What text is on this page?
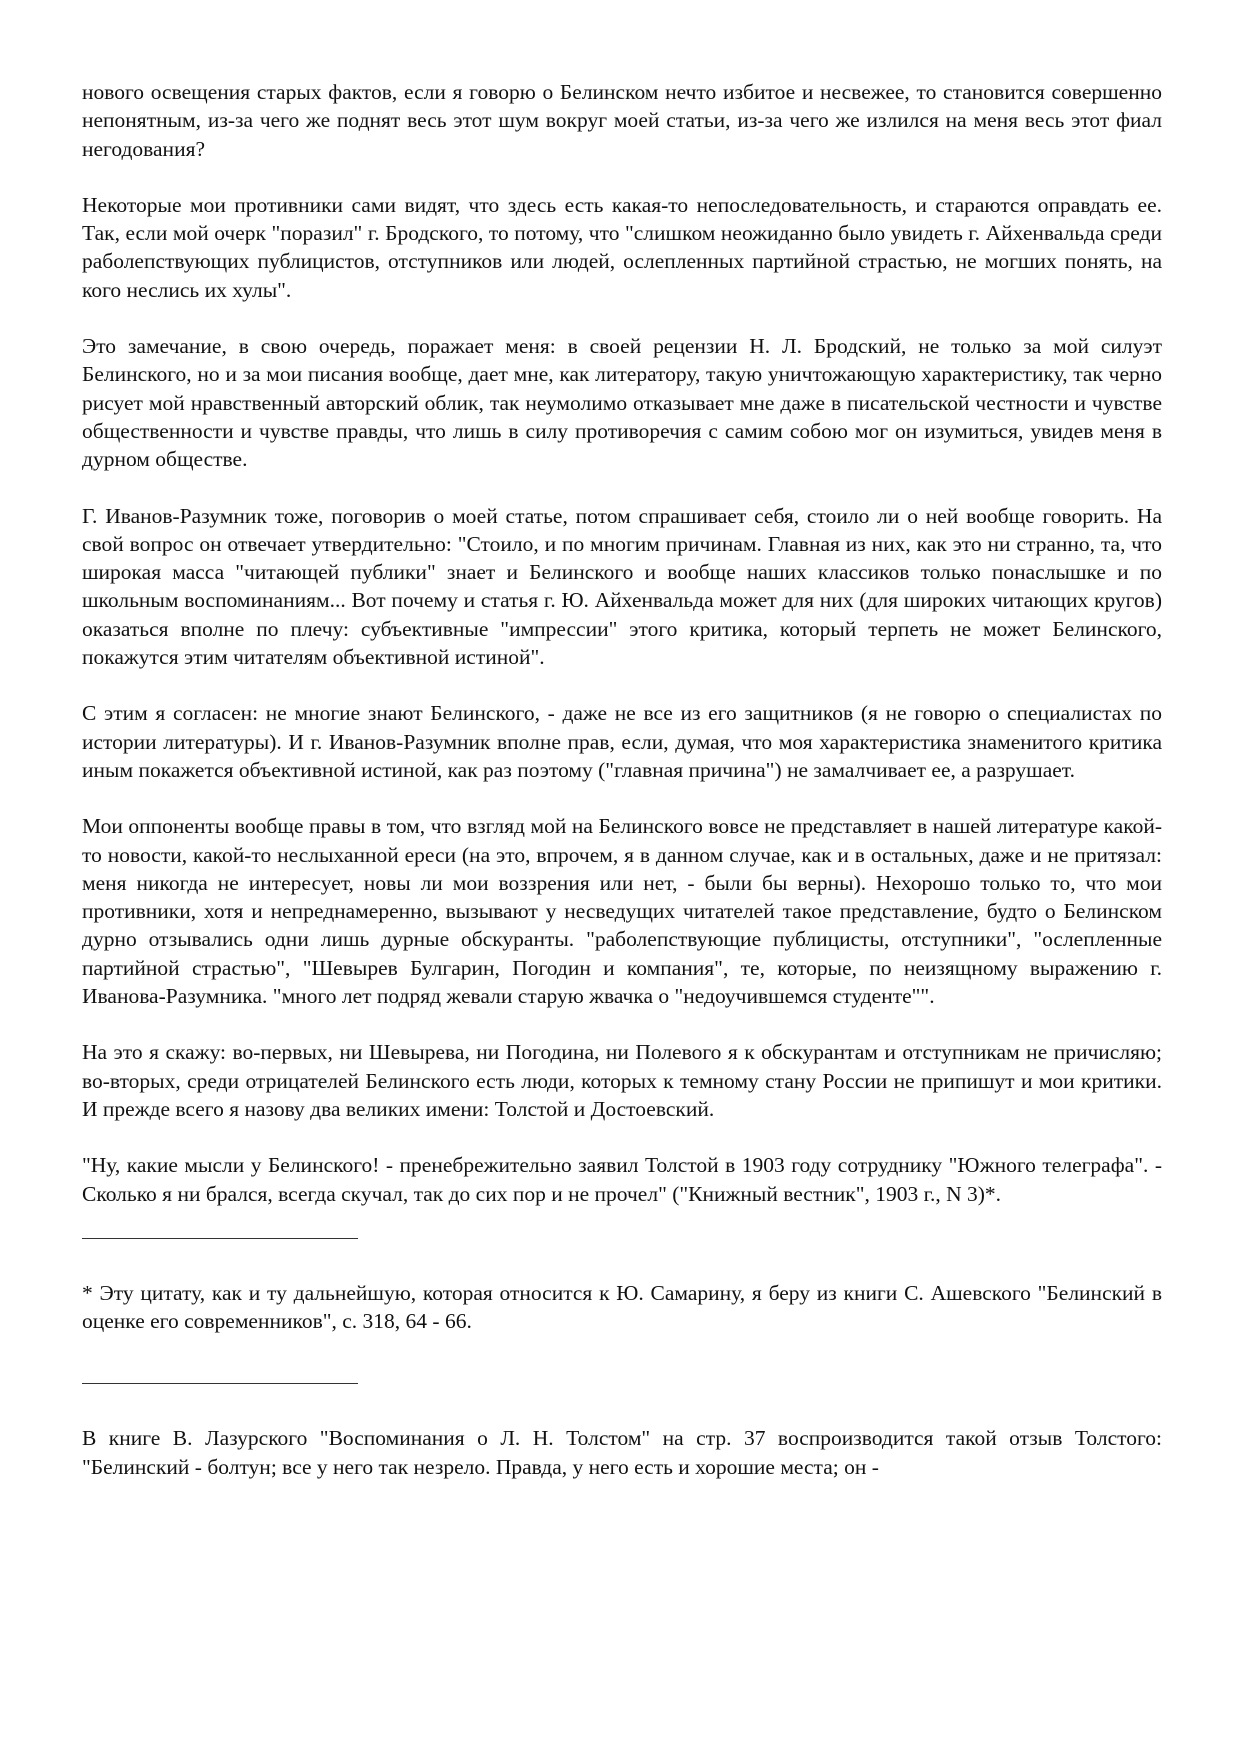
нового освещения старых фактов, если я говорю о Белинском нечто избитое и несвежее, то становится совершенно непонятным, из-за чего же поднят весь этот шум вокруг моей статьи, из-за чего же излился на меня весь этот фиал негодования?

Некоторые мои противники сами видят, что здесь есть какая-то непоследовательность, и стараются оправдать ее. Так, если мой очерк "поразил" г. Бродского, то потому, что "слишком неожиданно было увидеть г. Айхенвальда среди раболепствующих публицистов, отступников или людей, ослепленных партийной страстью, не могших понять, на кого неслись их хулы".

Это замечание, в свою очередь, поражает меня: в своей рецензии Н. Л. Бродский, не только за мой силуэт Белинского, но и за мои писания вообще, дает мне, как литератору, такую уничтожающую характеристику, так черно рисует мой нравственный авторский облик, так неумолимо отказывает мне даже в писательской честности и чувстве общественности и чувстве правды, что лишь в силу противоречия с самим собою мог он изумиться, увидев меня в дурном обществе.

Г. Иванов-Разумник тоже, поговорив о моей статье, потом спрашивает себя, стоило ли о ней вообще говорить. На свой вопрос он отвечает утвердительно: "Стоило, и по многим причинам. Главная из них, как это ни странно, та, что широкая масса "читающей публики" знает и Белинского и вообще наших классиков только понаслышке и по школьным воспоминаниям... Вот почему и статья г. Ю. Айхенвальда может для них (для широких читающих кругов) оказаться вполне по плечу: субъективные "импрессии" этого критика, который терпеть не может Белинского, покажутся этим читателям объективной истиной".

С этим я согласен: не многие знают Белинского, - даже не все из его защитников (я не говорю о специалистах по истории литературы). И г. Иванов-Разумник вполне прав, если, думая, что моя характеристика знаменитого критика иным покажется объективной истиной, как раз поэтому ("главная причина") не замалчивает ее, а разрушает.

Мои оппоненты вообще правы в том, что взгляд мой на Белинского вовсе не представляет в нашей литературе какой-то новости, какой-то неслыханной ереси (на это, впрочем, я в данном случае, как и в остальных, даже и не притязал: меня никогда не интересует, новы ли мои воззрения или нет, - были бы верны). Нехорошо только то, что мои противники, хотя и непреднамеренно, вызывают у несведущих читателей такое представление, будто о Белинском дурно отзывались одни лишь дурные обскуранты. "раболепствующие публицисты, отступники", "ослепленные партийной страстью", "Шевырев Булгарин, Погодин и компания", те, которые, по неизящному выражению г. Иванова-Разумника. "много лет подряд жевали старую жвачка о "недоучившемся студенте"".

На это я скажу: во-первых, ни Шевырева, ни Погодина, ни Полевого я к обскурантам и отступникам не причисляю; во-вторых, среди отрицателей Белинского есть люди, которых к темному стану России не припишут и мои критики. И прежде всего я назову два великих имени: Толстой и Достоевский.

"Ну, какие мысли у Белинского! - пренебрежительно заявил Толстой в 1903 году сотруднику "Южного телеграфа". - Сколько я ни брался, всегда скучал, так до сих пор и не прочел" ("Книжный вестник", 1903 г., N 3)*.

* Эту цитату, как и ту дальнейшую, которая относится к Ю. Самарину, я беру из книги С. Ашевского "Белинский в оценке его современников", с. 318, 64 - 66.

В книге В. Лазурского "Воспоминания о Л. Н. Толстом" на стр. 37 воспроизводится такой отзыв Толстого: "Белинский - болтун; все у него так незрело. Правда, у него есть и хорошие места; он -
